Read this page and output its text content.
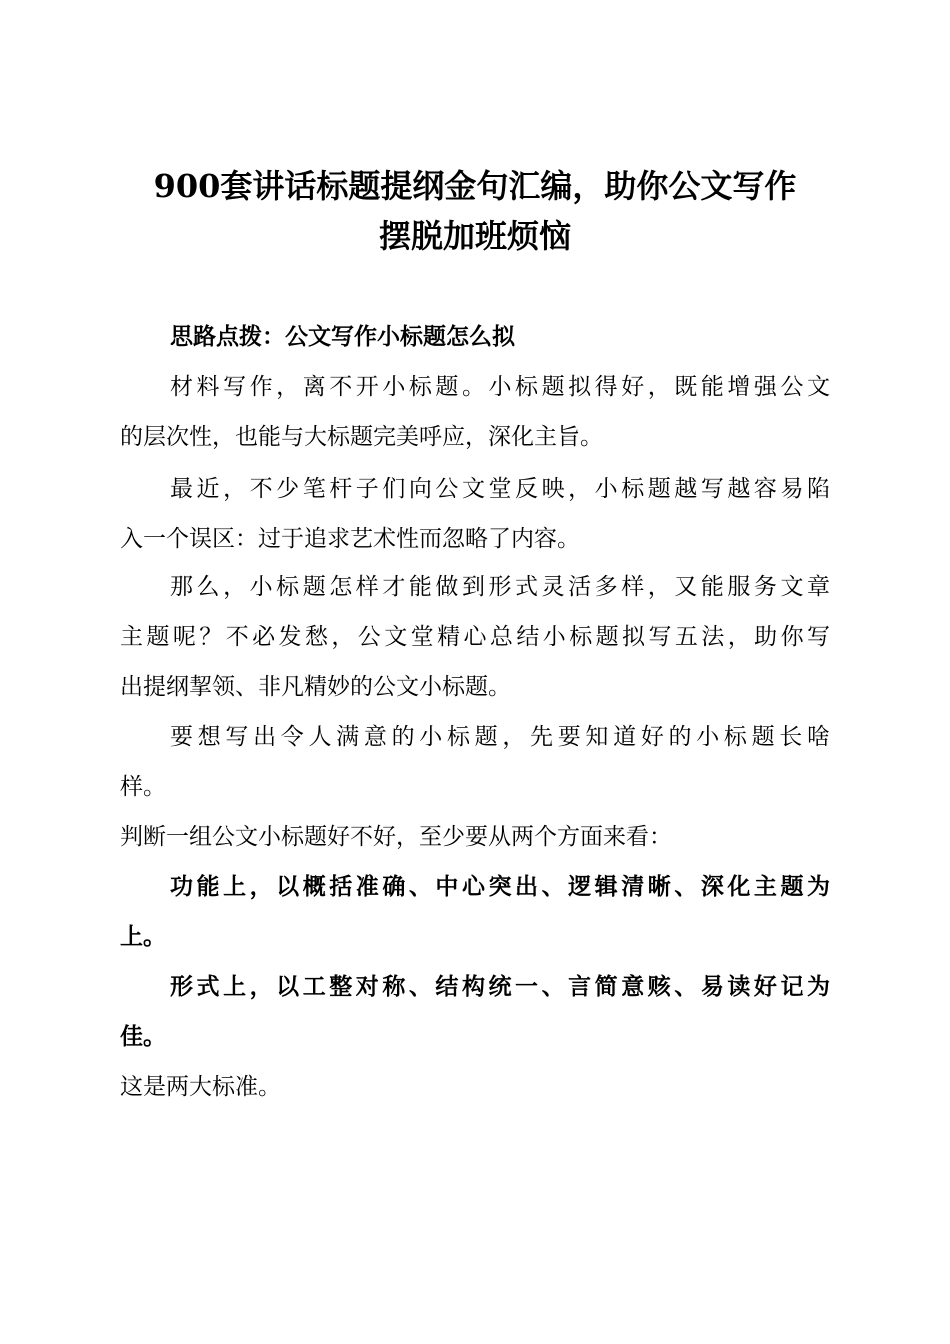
900套讲话标题提纲金句汇编，助你公文写作
摆脱加班烦恼
思路点拨：公文写作小标题怎么拟
材料写作，离不开小标题。小标题拟得好，既能增强公文
的层次性，也能与大标题完美呼应，深化主旨。
最近，不少笔杆子们向公文堂反映，小标题越写越容易陷
入一个误区：过于追求艺术性而忽略了内容。
那么，小标题怎样才能做到形式灵活多样，又能服务文章
主题呢？不必发愁，公文堂精心总结小标题拟写五法，助你写
出提纲挈领、非凡精妙的公文小标题。
要想写出令人满意的小标题，先要知道好的小标题长啥
样。
判断一组公文小标题好不好，至少要从两个方面来看：
功能上，以概括准确、中心突出、逻辑清晰、深化主题为
上。
形式上，以工整对称、结构统一、言简意赅、易读好记为
佳。
这是两大标准。
